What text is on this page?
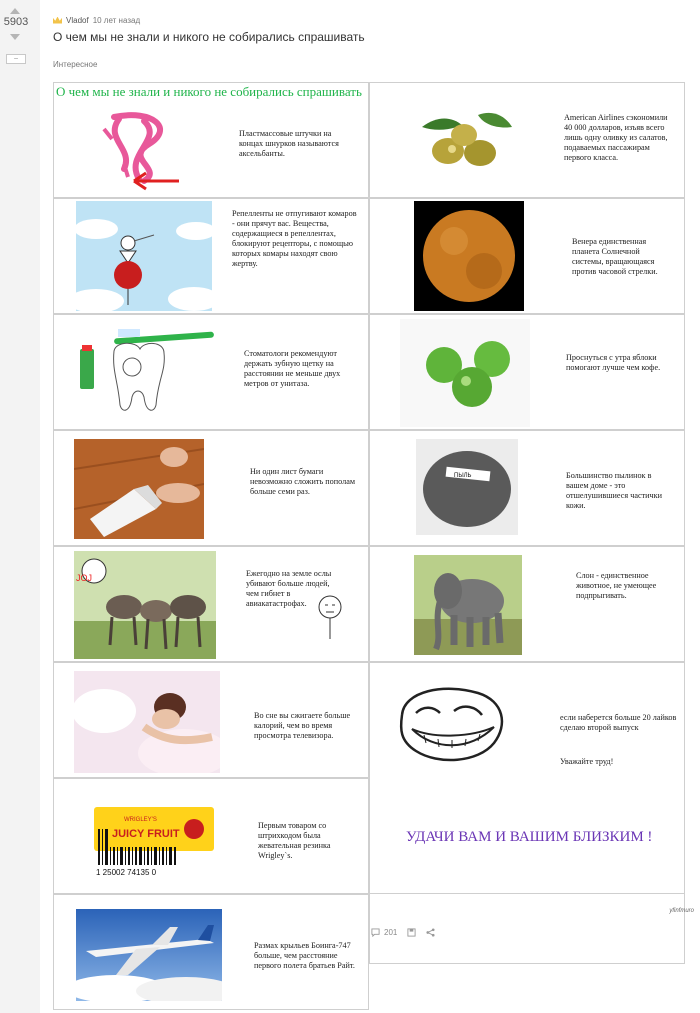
5903
−
Vladof 10 лет назад
О чем мы не знали и никого не собирались спрашивать
Интересное
О чем мы не знали и никого не собирались спрашивать
Пластмассовые штучки на концах шнурков называются аксельбанты.
Репелленты не отпугивают комаров - они прячут вас. Вещества, содержащиеся в репеллентах, блокируют рецепторы, с помощью которых комары находят свою жертву.
Стоматологи рекомендуют держать зубную щетку на расстоянии не меньше двух метров от унитаза.
Ни один лист бумаги невозможно сложить пополам больше семи раз.
JOJ	Ежегодно на земле ослы убивают больше людей, чем гибнет в авиакатастрофах.
Во сне вы сжигаете больше калорий, чем во время просмотра телевизора.
WRIGLEY'S
JUICY FRUIT
1 25002 74135 0
Первым товаром со штрихкодом была жевательная резинка Wrigley`s.
Размах крыльев Боинга-747 больше, чем расстояние первого полета братьев Райт.
American Airlines сэкономили 40 000 долларов, изъяв всего лишь одну оливку из салатов, подаваемых пассажирам первого класса.
Венера единственная планета Солнечной системы, вращающаяся против часовой стрелки.
Проснуться с утра яблоки помогают лучше чем кофе.
ПЫЛЬ	Большинство пылинок в вашем доме - это отшелушившиеся частички кожи.
Слон - единственное животное, не умеющее подпрыгивать.
если наберется больше 20 лайков сделаю второй выпуск
Уважайте труд!
УДАЧИ ВАМ И ВАШИМ БЛИЗКИМ !
yfinfmuro
201
